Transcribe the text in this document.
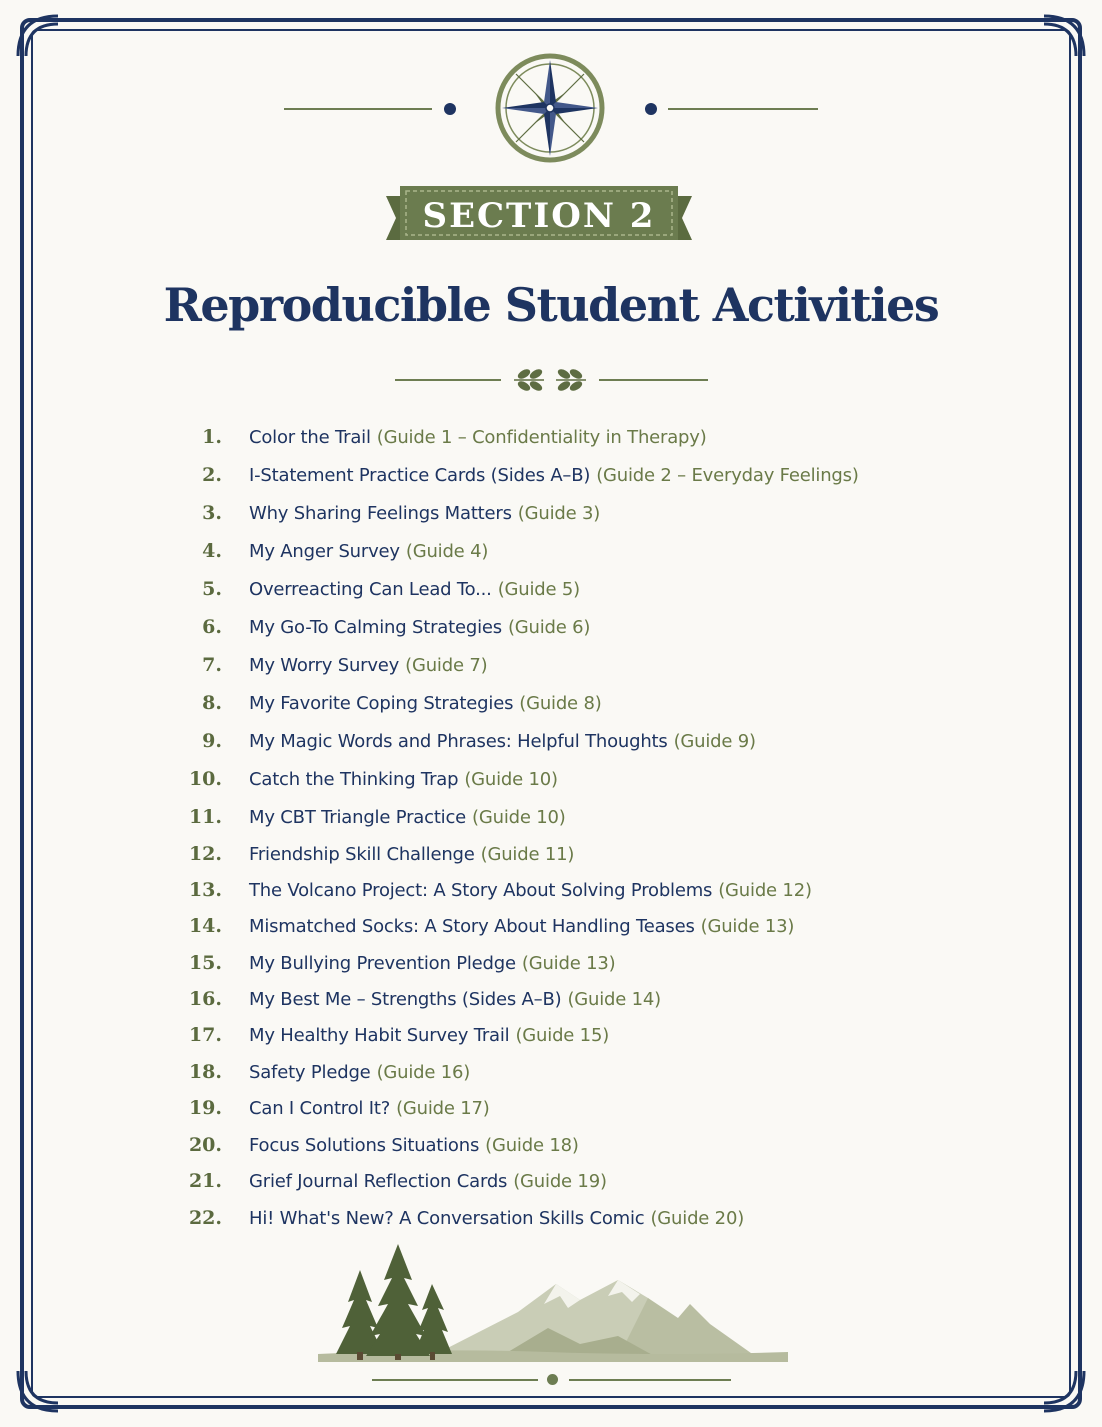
SECTION 2
Reproducible Student Activities
1. Color the Trail (Guide 1 – Confidentiality in Therapy)
2. I-Statement Practice Cards (Sides A–B) (Guide 2 – Everyday Feelings)
3. Why Sharing Feelings Matters (Guide 3)
4. My Anger Survey (Guide 4)
5. Overreacting Can Lead To... (Guide 5)
6. My Go-To Calming Strategies (Guide 6)
7. My Worry Survey (Guide 7)
8. My Favorite Coping Strategies (Guide 8)
9. My Magic Words and Phrases: Helpful Thoughts (Guide 9)
10. Catch the Thinking Trap (Guide 10)
11. My CBT Triangle Practice (Guide 10)
12. Friendship Skill Challenge (Guide 11)
13. The Volcano Project: A Story About Solving Problems (Guide 12)
14. Mismatched Socks: A Story About Handling Teases (Guide 13)
15. My Bullying Prevention Pledge (Guide 13)
16. My Best Me – Strengths (Sides A–B) (Guide 14)
17. My Healthy Habit Survey Trail (Guide 15)
18. Safety Pledge (Guide 16)
19. Can I Control It? (Guide 17)
20. Focus Solutions Situations (Guide 18)
21. Grief Journal Reflection Cards (Guide 19)
22. Hi! What's New? A Conversation Skills Comic (Guide 20)
